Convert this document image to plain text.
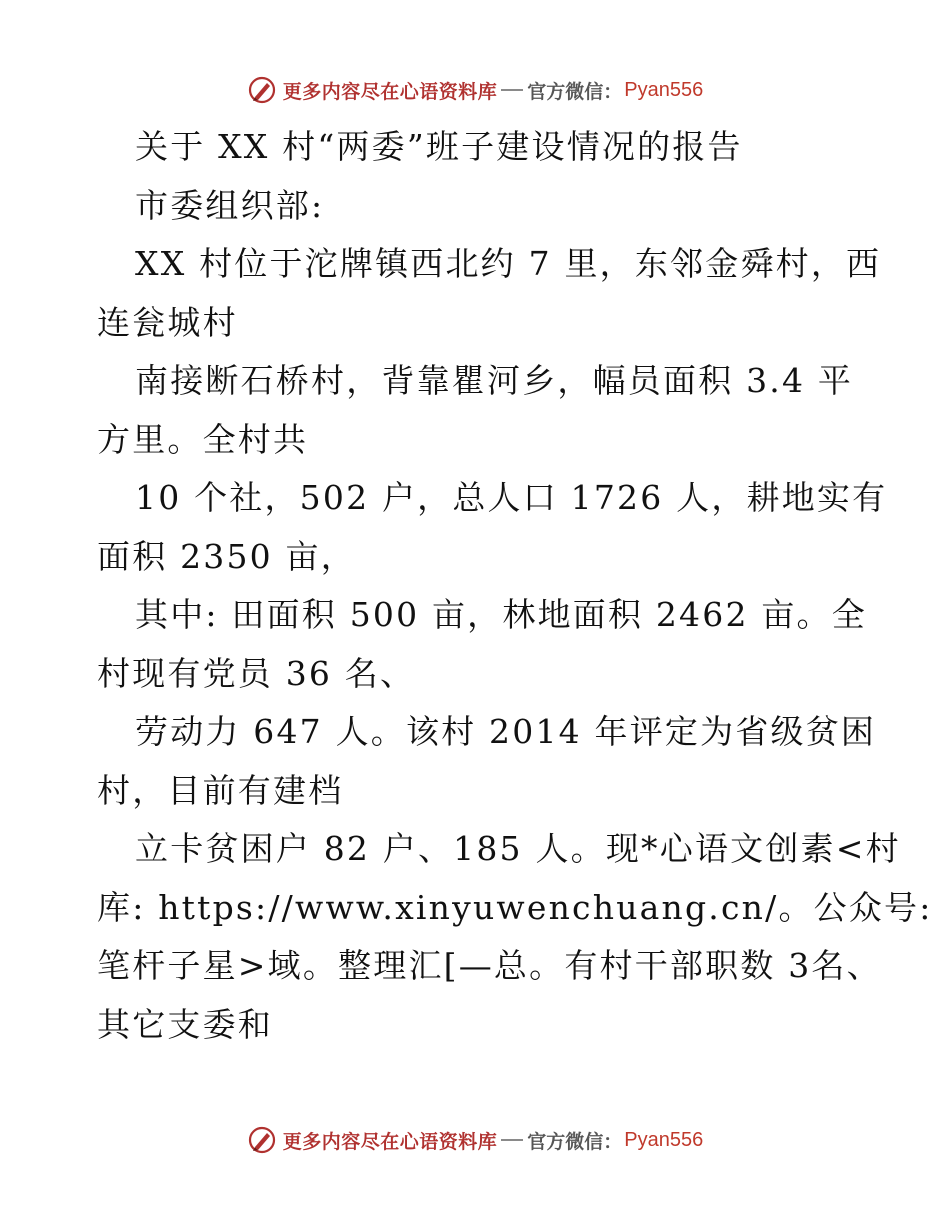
更多内容尽在心语资料库 官方微信： Pyan556
关于 XX 村“两委”班子建设情况的报告
市委组织部:
XX 村位于沱牌镇西北约 7 里，东邻金舜村，西
连瓮城村
南接断石桥村，背靠瞿河乡，幅员面积 3.4 平
方里。全村共
10 个社，502 户，总人口 1726 人，耕地实有
面积 2350 亩，
其中: 田面积 500 亩，林地面积 2462 亩。全
村现有党员 36 名、
劳动力 647 人。该村 2014 年评定为省级贫困
村，目前有建档
立卡贫困户 82 户、185 人。现*心语文创素<村
库: https://www.xinyuwenchuang.cn/。公众号:
笔杆子星>域。整理汇[—总。有村干部职数 3名、
其它支委和
更多内容尽在心语资料库 官方微信： Pyan556
